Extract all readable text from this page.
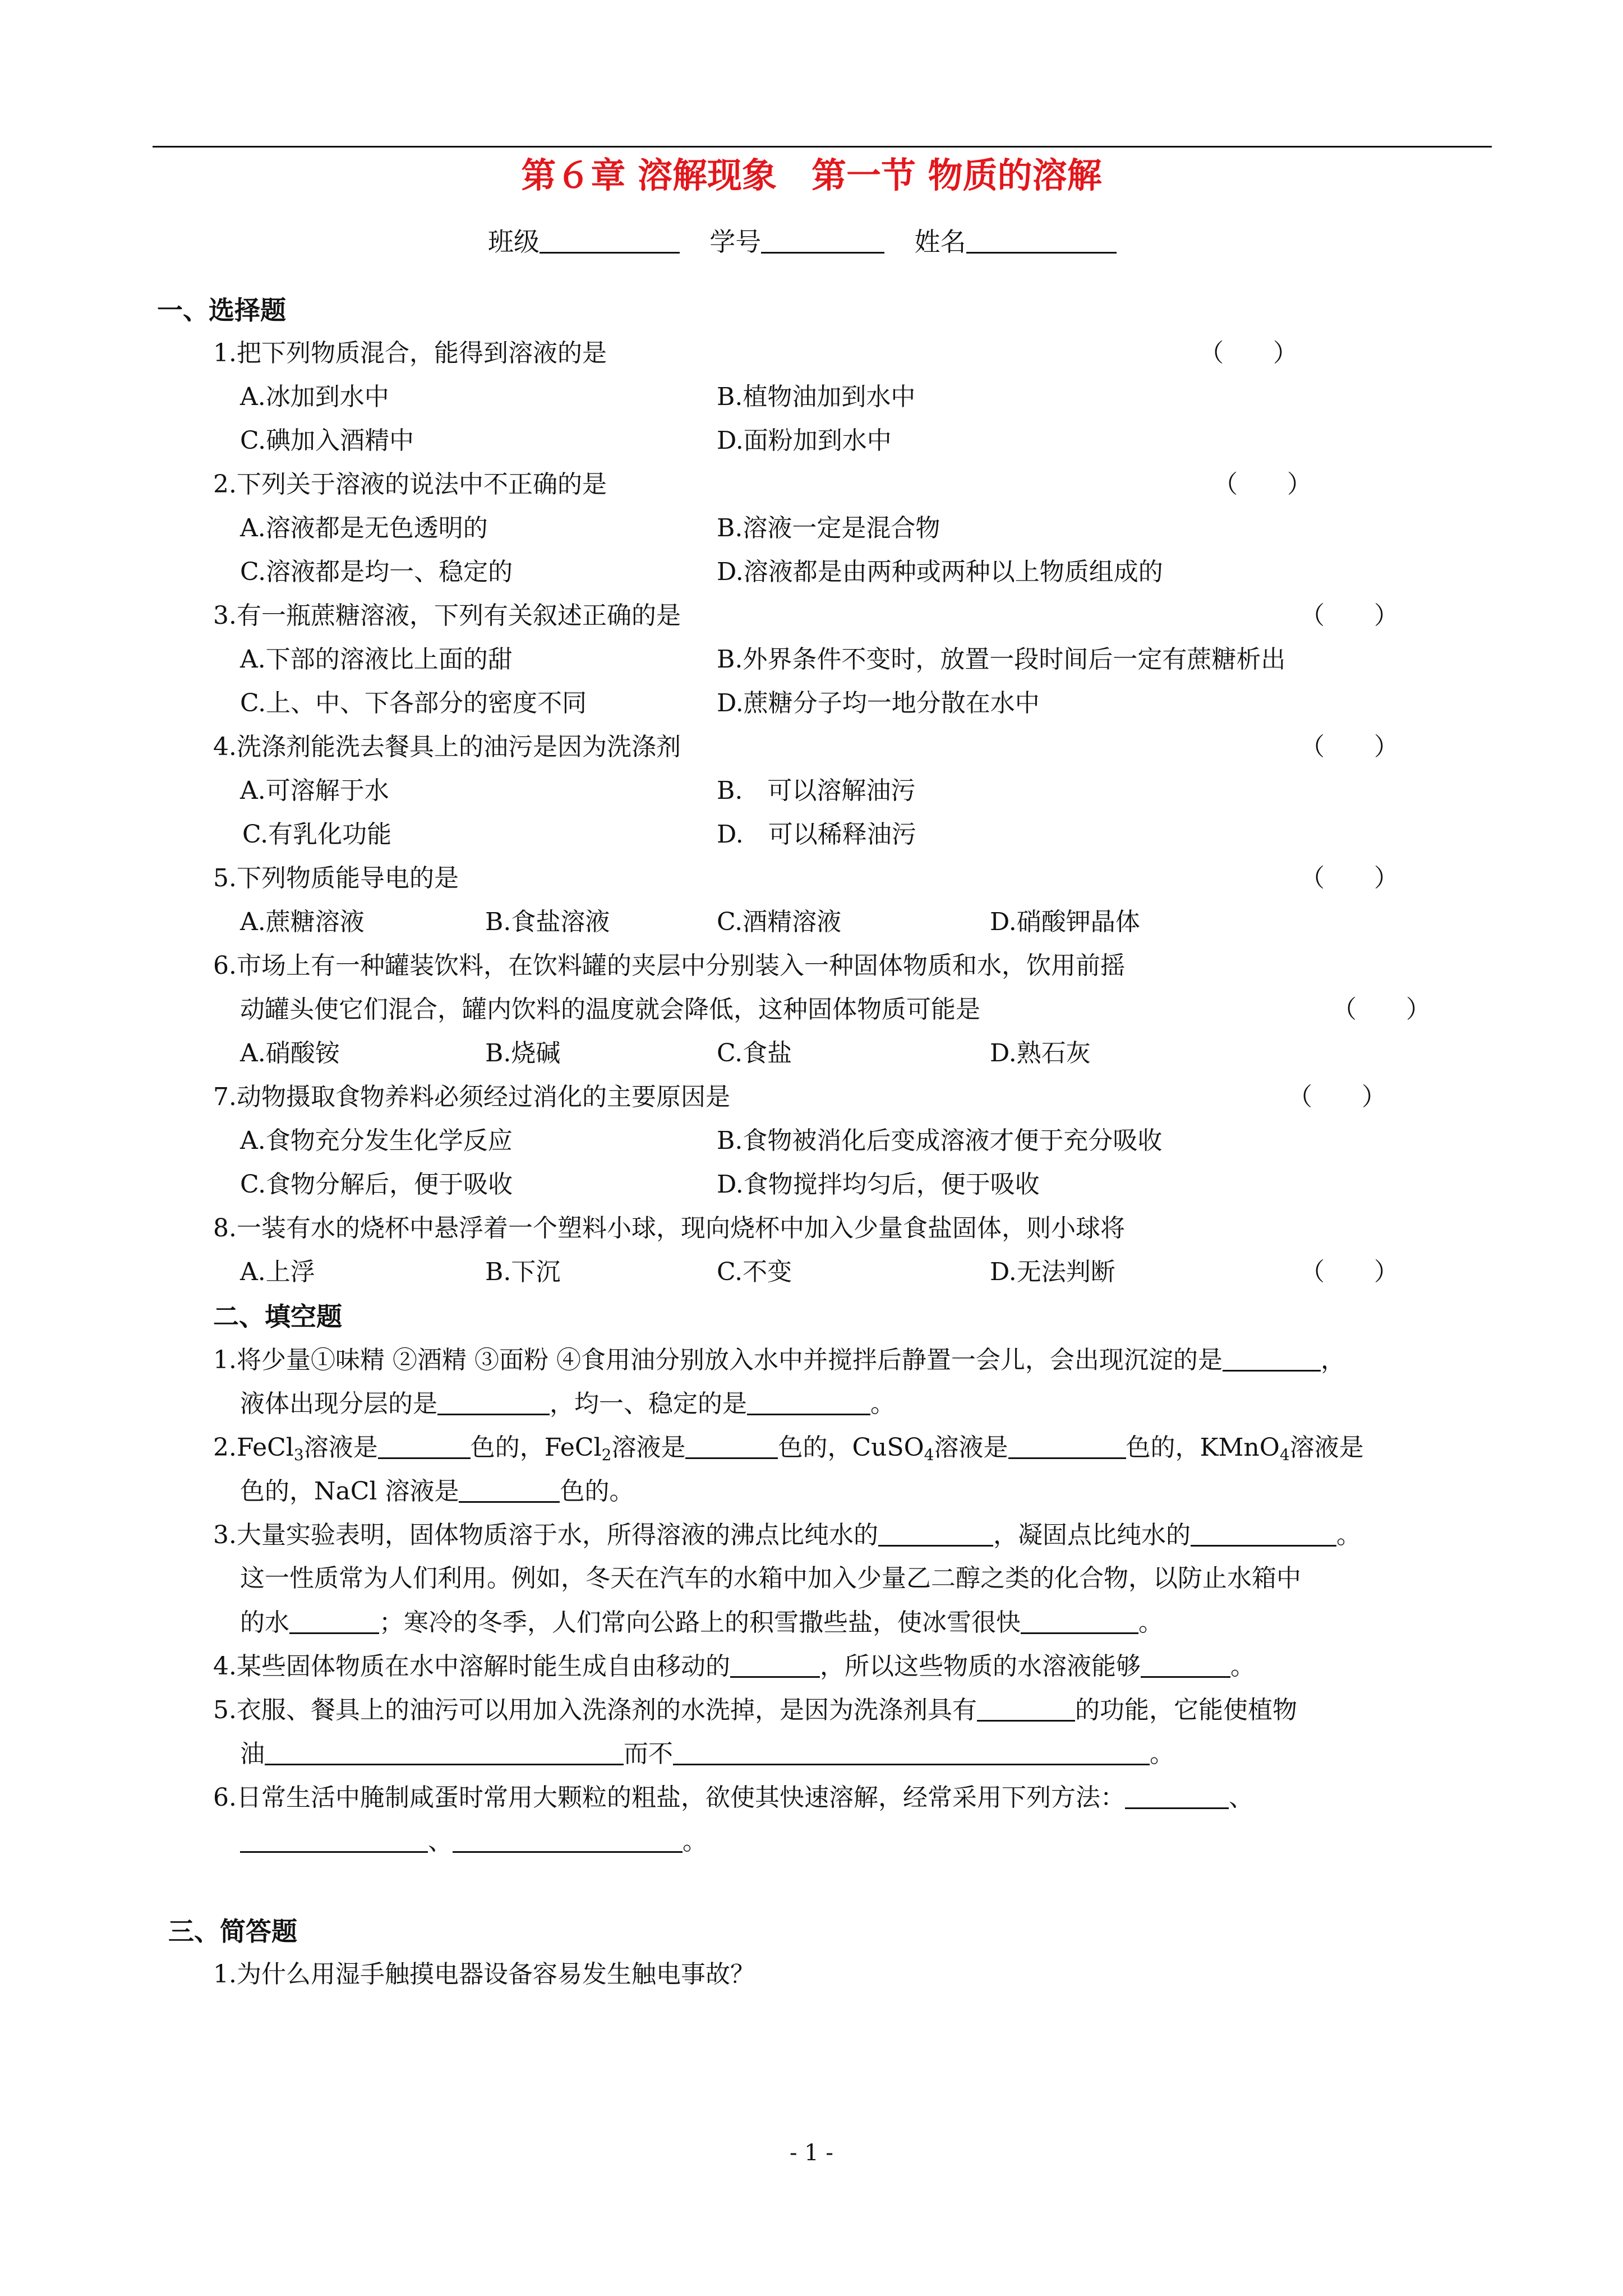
第６章 溶解现象　第一节 物质的溶解
班级	学号	姓名
一、选择题
1.把下列物质混合，能得到溶液的是	（　　）
A.冰加到水中	B.植物油加到水中
C.碘加入酒精中	D.面粉加到水中
2.下列关于溶液的说法中不正确的是	（　　）
A.溶液都是无色透明的	B.溶液一定是混合物
C.溶液都是均一、稳定的	D.溶液都是由两种或两种以上物质组成的
3.有一瓶蔗糖溶液，下列有关叙述正确的是	（　　）
A.下部的溶液比上面的甜	B.外界条件不变时，放置一段时间后一定有蔗糖析出
C.上、中、下各部分的密度不同	D.蔗糖分子均一地分散在水中
4.洗涤剂能洗去餐具上的油污是因为洗涤剂	（　　）
A.可溶解于水	B.　可以溶解油污
C.有乳化功能	D.　可以稀释油污
5.下列物质能导电的是	（　　）
A.蔗糖溶液	B.食盐溶液	C.酒精溶液	D.硝酸钾晶体
6.市场上有一种罐装饮料，在饮料罐的夹层中分别装入一种固体物质和水，饮用前摇
动罐头使它们混合，罐内饮料的温度就会降低，这种固体物质可能是	（　　）
A.硝酸铵	B.烧碱	C.食盐	D.熟石灰
7.动物摄取食物养料必须经过消化的主要原因是	（　　）
A.食物充分发生化学反应	B.食物被消化后变成溶液才便于充分吸收
C.食物分解后，便于吸收	D.食物搅拌均匀后，便于吸收
8.一装有水的烧杯中悬浮着一个塑料小球，现向烧杯中加入少量食盐固体，则小球将
A.上浮	B.下沉	C.不变	D.无法判断	（　　）
二、填空题
1.将少量①味精 ②酒精 ③面粉 ④食用油分别放入水中并搅拌后静置一会儿，会出现沉淀的是	，
液体出现分层的是	，均一、稳定的是	。
2.FeCl$_3$溶液是	色的，FeCl$_2$溶液是	色的，CuSO$_4$溶液是	色的，KMnO$_4$溶液是
色的，NaCl 溶液是	色的。
3.大量实验表明，固体物质溶于水，所得溶液的沸点比纯水的	，凝固点比纯水的	。
这一性质常为人们利用。例如，冬天在汽车的水箱中加入少量乙二醇之类的化合物，以防止水箱中
的水	；寒冷的冬季，人们常向公路上的积雪撒些盐，使冰雪很快	。
4.某些固体物质在水中溶解时能生成自由移动的	，所以这些物质的水溶液能够	。
5.衣服、餐具上的油污可以用加入洗涤剂的水洗掉，是因为洗涤剂具有	的功能，它能使植物
油	而不	。
6.日常生活中腌制咸蛋时常用大颗粒的粗盐，欲使其快速溶解，经常采用下列方法：	、
、	。
三、简答题
1.为什么用湿手触摸电器设备容易发生触电事故？
- 1 -
